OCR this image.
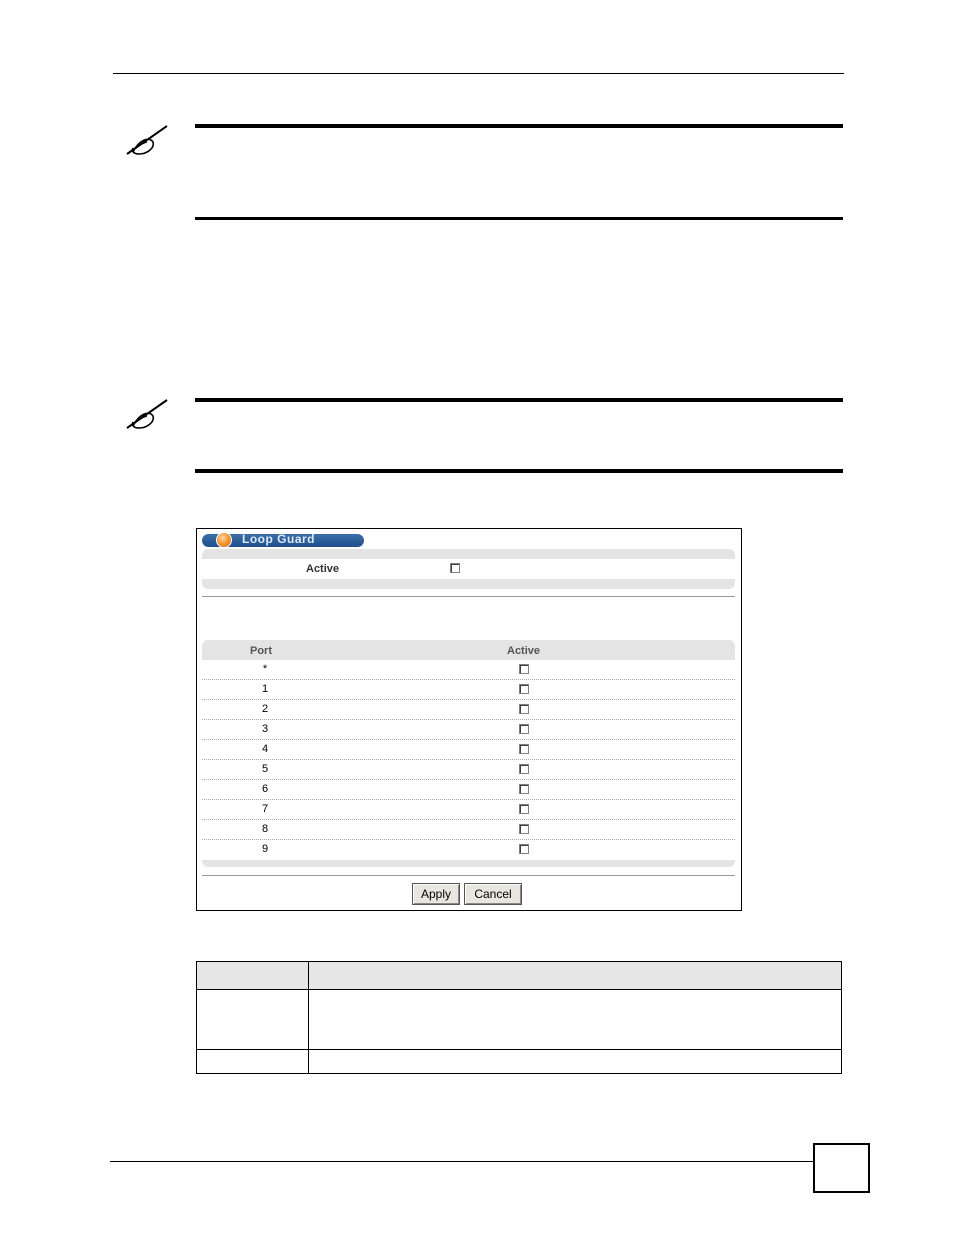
Loop Guard
Active
Port	Active
*
1
2
3
4
5
6
7
8
9
Apply	Cancel
